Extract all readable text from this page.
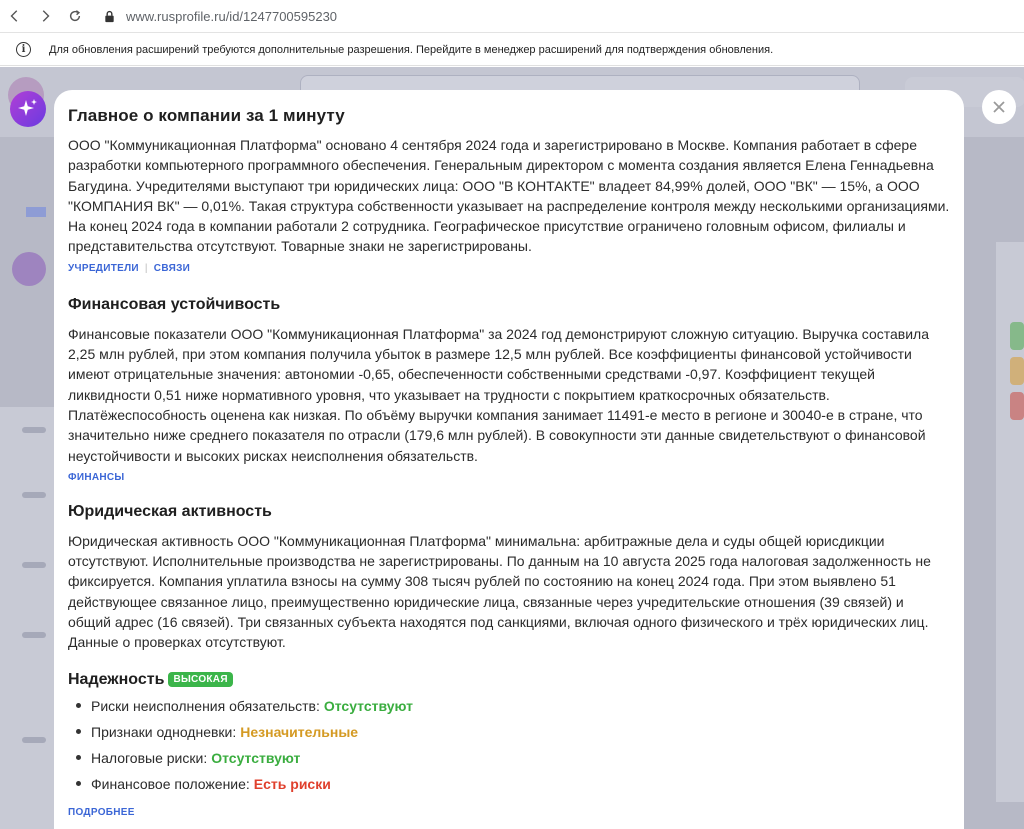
www.rusprofile.ru/id/1247700595230
i	Для обновления расширений требуются дополнительные разрешения. Перейдите в менеджер расширений для подтверждения обновления.
Главное о компании за 1 минуту
ООО "Коммуникационная Платформа" основано 4 сентября 2024 года и зарегистрировано в Москве. Компания работает в сфере разработки компьютерного программного обеспечения. Генеральным директором с момента создания является Елена Геннадьевна Багудина. Учредителями выступают три юридических лица: ООО "В КОНТАКТЕ" владеет 84,99% долей, ООО "ВК" — 15%, а ООО "КОМПАНИЯ ВК" — 0,01%. Такая структура собственности указывает на распределение контроля между несколькими организациями. На конец 2024 года в компании работали 2 сотрудника. Географическое присутствие ограничено головным офисом, филиалы и представительства отсутствуют. Товарные знаки не зарегистрированы.
УЧРЕДИТЕЛИ | СВЯЗИ
Финансовая устойчивость
Финансовые показатели ООО "Коммуникационная Платформа" за 2024 год демонстрируют сложную ситуацию. Выручка составила 2,25 млн рублей, при этом компания получила убыток в размере 12,5 млн рублей. Все коэффициенты финансовой устойчивости имеют отрицательные значения: автономии -0,65, обеспеченности собственными средствами -0,97. Коэффициент текущей ликвидности 0,51 ниже нормативного уровня, что указывает на трудности с покрытием краткосрочных обязательств. Платёжеспособность оценена как низкая. По объёму выручки компания занимает 11491-е место в регионе и 30040-е в стране, что значительно ниже среднего показателя по отрасли (179,6 млн рублей). В совокупности эти данные свидетельствуют о финансовой неустойчивости и высоких рисках неисполнения обязательств.
ФИНАНСЫ
Юридическая активность
Юридическая активность ООО "Коммуникационная Платформа" минимальна: арбитражные дела и суды общей юрисдикции отсутствуют. Исполнительные производства не зарегистрированы. По данным на 10 августа 2025 года налоговая задолженность не фиксируется. Компания уплатила взносы на сумму 308 тысяч рублей по состоянию на конец 2024 года. При этом выявлено 51 действующее связанное лицо, преимущественно юридические лица, связанные через учредительские отношения (39 связей) и общий адрес (16 связей). Три связанных субъекта находятся под санкциями, включая одного физического и трёх юридических лиц. Данные о проверках отсутствуют.
Надежность ВЫСОКАЯ
Риски неисполнения обязательств: Отсутствуют
Признаки однодневки: Незначительные
Налоговые риски: Отсутствуют
Финансовое положение: Есть риски
ПОДРОБНЕЕ
